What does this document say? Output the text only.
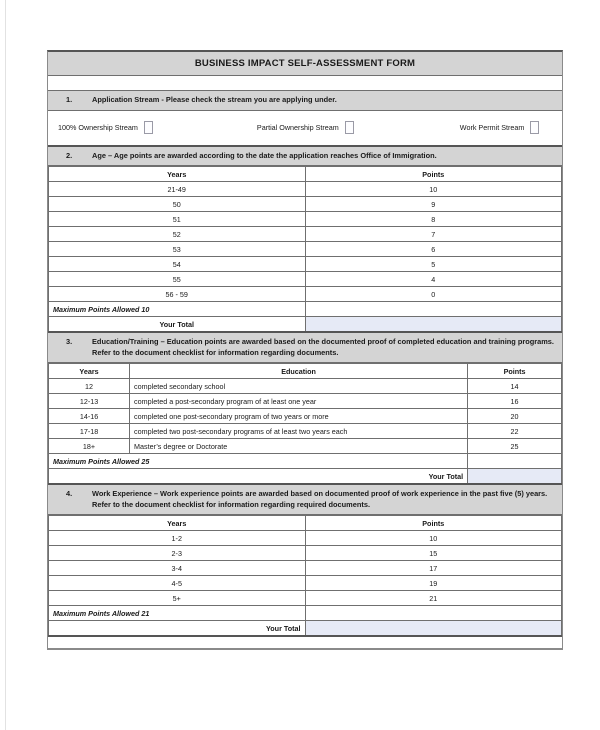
BUSINESS IMPACT SELF-ASSESSMENT FORM
1.	Application Stream - Please check the stream you are applying under.
100% Ownership Stream	Partial Ownership Stream	Work Permit Stream
2.	Age – Age points are awarded according to the date the application reaches Office of Immigration.
Years	Points
21-49	10
50	9
51	8
52	7
53	6
54	5
55	4
56 - 59	0
Maximum Points Allowed 10	
Your Total	
3.	Education/Training – Education points are awarded based on the documented proof of completed education and training programs.
Refer to the document checklist for information regarding documents.
Years	Education	Points
12	completed secondary school	14
12-13	completed a post-secondary program of at least one year	16
14-16	completed one post-secondary program of two years or more	20
17-18	completed two post-secondary programs of at least two years each	22
18+	Master’s degree or Doctorate	25
Maximum Points Allowed 25		
Your Total		
4.	Work Experience – Work experience points are awarded based on documented proof of work experience in the past five (5) years.
Refer to the document checklist for information regarding required documents.
Years	Points
1-2	10
2-3	15
3-4	17
4-5	19
5+	21
Maximum Points Allowed 21	
Your Total	
